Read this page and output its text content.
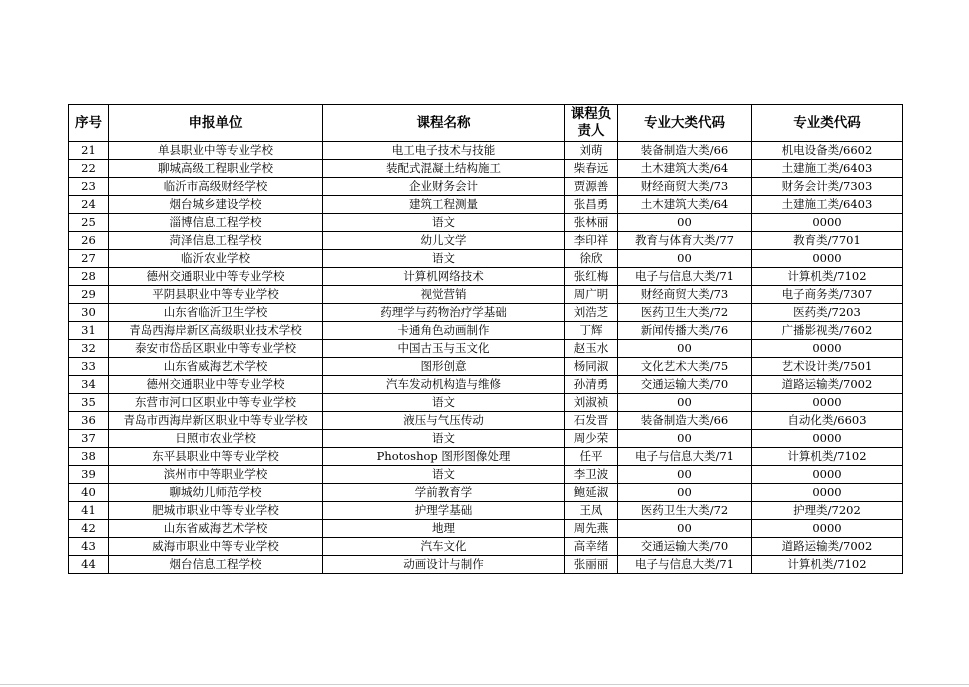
序号	申报单位	课程名称	课程负责人	专业大类代码	专业类代码
21	单县职业中等专业学校	电工电子技术与技能	刘萌	装备制造大类/66	机电设备类/6602
22	聊城高级工程职业学校	装配式混凝土结构施工	柴春远	土木建筑大类/64	土建施工类/6403
23	临沂市高级财经学校	企业财务会计	贾源善	财经商贸大类/73	财务会计类/7303
24	烟台城乡建设学校	建筑工程测量	张昌勇	土木建筑大类/64	土建施工类/6403
25	淄博信息工程学校	语文	张林丽	00	0000
26	菏泽信息工程学校	幼儿文学	李印祥	教育与体育大类/77	教育类/7701
27	临沂农业学校	语文	徐欣	00	0000
28	德州交通职业中等专业学校	计算机网络技术	张红梅	电子与信息大类/71	计算机类/7102
29	平阴县职业中等专业学校	视觉营销	周广明	财经商贸大类/73	电子商务类/7307
30	山东省临沂卫生学校	药理学与药物治疗学基础	刘浩芝	医药卫生大类/72	医药类/7203
31	青岛西海岸新区高级职业技术学校	卡通角色动画制作	丁辉	新闻传播大类/76	广播影视类/7602
32	泰安市岱岳区职业中等专业学校	中国古玉与玉文化	赵玉水	00	0000
33	山东省威海艺术学校	图形创意	杨同淑	文化艺术大类/75	艺术设计类/7501
34	德州交通职业中等专业学校	汽车发动机构造与维修	孙清勇	交通运输大类/70	道路运输类/7002
35	东营市河口区职业中等专业学校	语文	刘淑祯	00	0000
36	青岛市西海岸新区职业中等专业学校	液压与气压传动	石发晋	装备制造大类/66	自动化类/6603
37	日照市农业学校	语文	周少荣	00	0000
38	东平县职业中等专业学校	Photoshop 图形图像处理	任平	电子与信息大类/71	计算机类/7102
39	滨州市中等职业学校	语文	李卫波	00	0000
40	聊城幼儿师范学校	学前教育学	鲍延淑	00	0000
41	肥城市职业中等专业学校	护理学基础	王凤	医药卫生大类/72	护理类/7202
42	山东省威海艺术学校	地理	周先燕	00	0000
43	威海市职业中等专业学校	汽车文化	高幸绪	交通运输大类/70	道路运输类/7002
44	烟台信息工程学校	动画设计与制作	张丽丽	电子与信息大类/71	计算机类/7102
